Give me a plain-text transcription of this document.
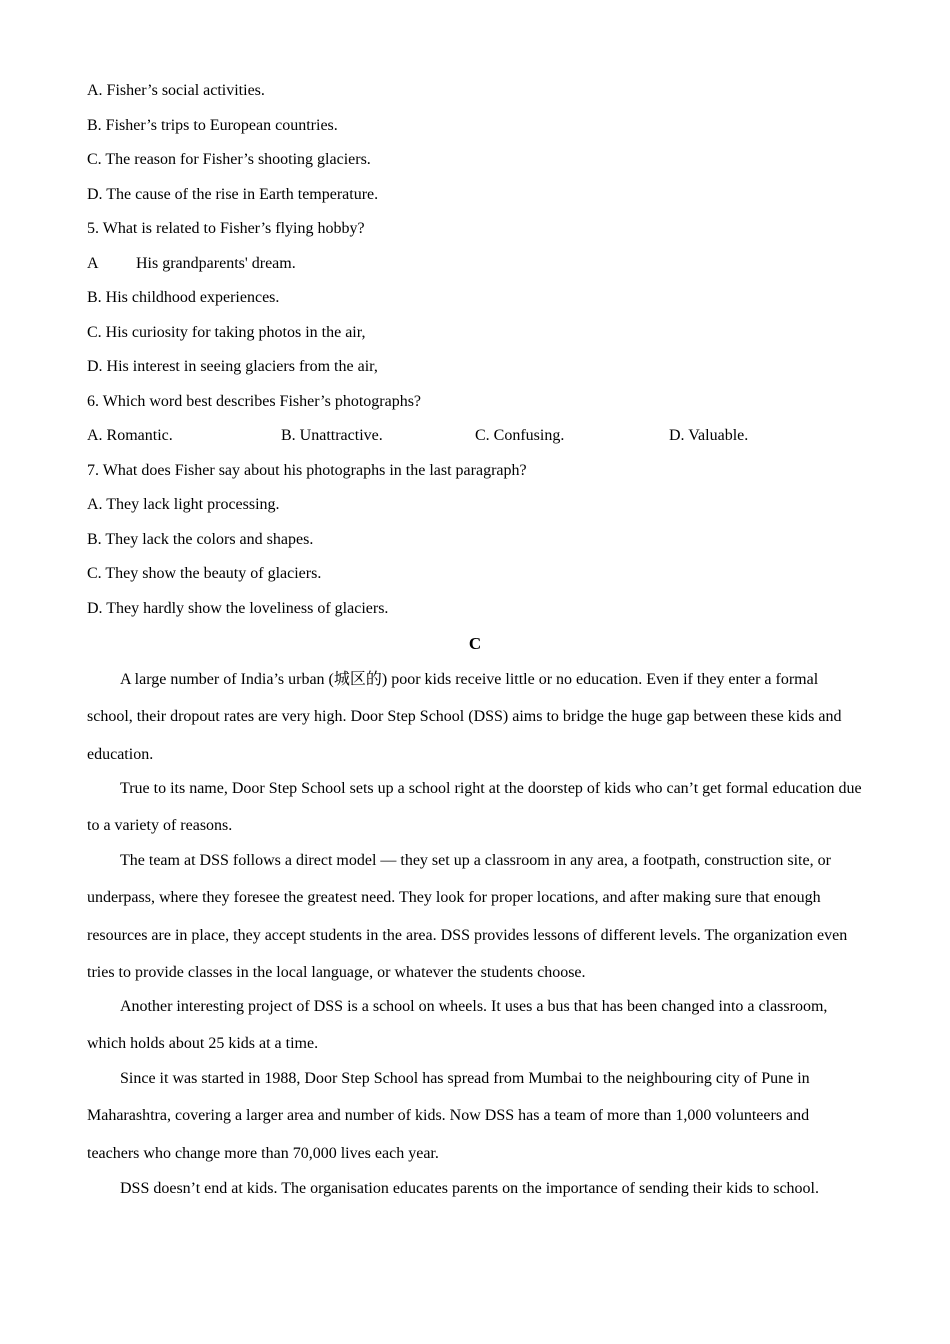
A. Fisher’s social activities.
B. Fisher’s trips to European countries.
C. The reason for Fisher’s shooting glaciers.
D. The cause of the rise in Earth temperature.
5. What is related to Fisher’s flying hobby?
A His grandparents' dream.
B. His childhood experiences.
C. His curiosity for taking photos in the air,
D. His interest in seeing glaciers from the air,
6. Which word best describes Fisher’s photographs?
A. Romantic.	B. Unattractive.	C. Confusing.	D. Valuable.
7. What does Fisher say about his photographs in the last paragraph?
A. They lack light processing.
B. They lack the colors and shapes.
C. They show the beauty of glaciers.
D. They hardly show the loveliness of glaciers.
C

A large number of India’s urban (城区的) poor kids receive little or no education. Even if they enter a formal school, their dropout rates are very high. Door Step School (DSS) aims to bridge the huge gap between these kids and education.

True to its name, Door Step School sets up a school right at the doorstep of kids who can’t get formal education due to a variety of reasons.

The team at DSS follows a direct model — they set up a classroom in any area, a footpath, construction site, or underpass, where they foresee the greatest need. They look for proper locations, and after making sure that enough resources are in place, they accept students in the area. DSS provides lessons of different levels. The organization even tries to provide classes in the local language, or whatever the students choose.

Another interesting project of DSS is a school on wheels. It uses a bus that has been changed into a classroom, which holds about 25 kids at a time.

Since it was started in 1988, Door Step School has spread from Mumbai to the neighbouring city of Pune in Maharashtra, covering a larger area and number of kids. Now DSS has a team of more than 1,000 volunteers and teachers who change more than 70,000 lives each year.

DSS doesn’t end at kids. The organisation educates parents on the importance of sending their kids to school.
